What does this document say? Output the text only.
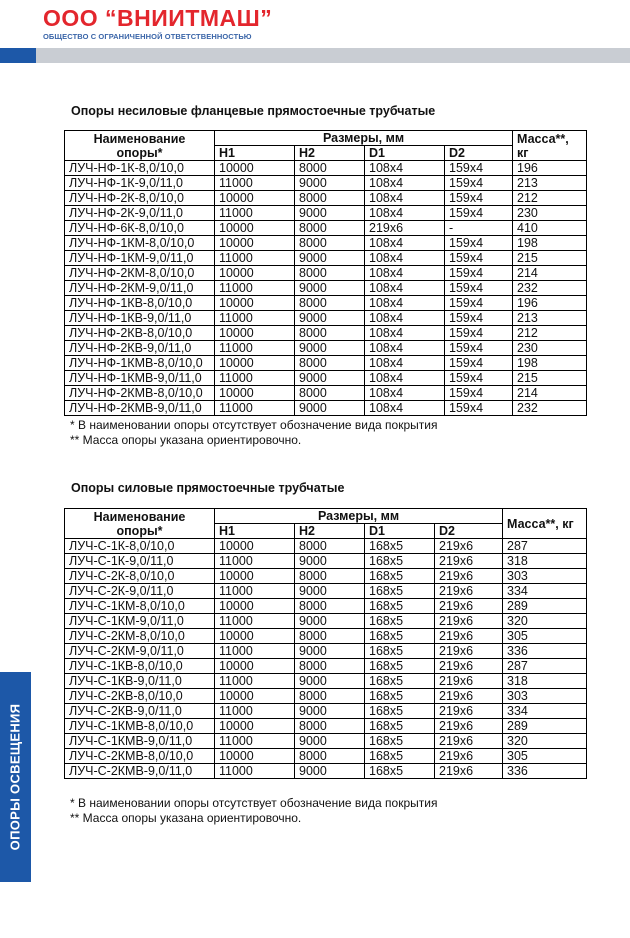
ООО “ВНИИТМАШ”
ОБЩЕСТВО С ОГРАНИЧЕННОЙ ОТВЕТСТВЕННОСТЬЮ
Опоры несиловые фланцевые прямостоечные трубчатые
Наименование опоры*	Размеры, мм				Масса**, кг
	H1	H2	D1	D2	
ЛУЧ-НФ-1К-8,0/10,0	10000	8000	108х4	159х4	196
ЛУЧ-НФ-1К-9,0/11,0	11000	9000	108х4	159х4	213
ЛУЧ-НФ-2К-8,0/10,0	10000	8000	108х4	159х4	212
ЛУЧ-НФ-2К-9,0/11,0	11000	9000	108х4	159х4	230
ЛУЧ-НФ-6К-8,0/10,0	10000	8000	219х6	-	410
ЛУЧ-НФ-1КМ-8,0/10,0	10000	8000	108х4	159х4	198
ЛУЧ-НФ-1КМ-9,0/11,0	11000	9000	108х4	159х4	215
ЛУЧ-НФ-2КМ-8,0/10,0	10000	8000	108х4	159х4	214
ЛУЧ-НФ-2КМ-9,0/11,0	11000	9000	108х4	159х4	232
ЛУЧ-НФ-1КВ-8,0/10,0	10000	8000	108х4	159х4	196
ЛУЧ-НФ-1КВ-9,0/11,0	11000	9000	108х4	159х4	213
ЛУЧ-НФ-2КВ-8,0/10,0	10000	8000	108х4	159х4	212
ЛУЧ-НФ-2КВ-9,0/11,0	11000	9000	108х4	159х4	230
ЛУЧ-НФ-1КМВ-8,0/10,0	10000	8000	108х4	159х4	198
ЛУЧ-НФ-1КМВ-9,0/11,0	11000	9000	108х4	159х4	215
ЛУЧ-НФ-2КМВ-8,0/10,0	10000	8000	108х4	159х4	214
ЛУЧ-НФ-2КМВ-9,0/11,0	11000	9000	108х4	159х4	232
* В наименовании опоры отсутствует обозначение вида покрытия
** Масса опоры указана ориентировочно.
Опоры силовые прямостоечные трубчатые
Наименование опоры*	Размеры, мм				Масса**, кг
	H1	H2	D1	D2	
ЛУЧ-С-1К-8,0/10,0	10000	8000	168х5	219х6	287
ЛУЧ-С-1К-9,0/11,0	11000	9000	168х5	219х6	318
ЛУЧ-С-2К-8,0/10,0	10000	8000	168х5	219х6	303
ЛУЧ-С-2К-9,0/11,0	11000	9000	168х5	219х6	334
ЛУЧ-С-1КМ-8,0/10,0	10000	8000	168х5	219х6	289
ЛУЧ-С-1КМ-9,0/11,0	11000	9000	168х5	219х6	320
ЛУЧ-С-2КМ-8,0/10,0	10000	8000	168х5	219х6	305
ЛУЧ-С-2КМ-9,0/11,0	11000	9000	168х5	219х6	336
ЛУЧ-С-1КВ-8,0/10,0	10000	8000	168х5	219х6	287
ЛУЧ-С-1КВ-9,0/11,0	11000	9000	168х5	219х6	318
ЛУЧ-С-2КВ-8,0/10,0	10000	8000	168х5	219х6	303
ЛУЧ-С-2КВ-9,0/11,0	11000	9000	168х5	219х6	334
ЛУЧ-С-1КМВ-8,0/10,0	10000	8000	168х5	219х6	289
ЛУЧ-С-1КМВ-9,0/11,0	11000	9000	168х5	219х6	320
ЛУЧ-С-2КМВ-8,0/10,0	10000	8000	168х5	219х6	305
ЛУЧ-С-2КМВ-9,0/11,0	11000	9000	168х5	219х6	336
* В наименовании опоры отсутствует обозначение вида покрытия
** Масса опоры указана ориентировочно.
ОПОРЫ ОСВЕЩЕНИЯ
